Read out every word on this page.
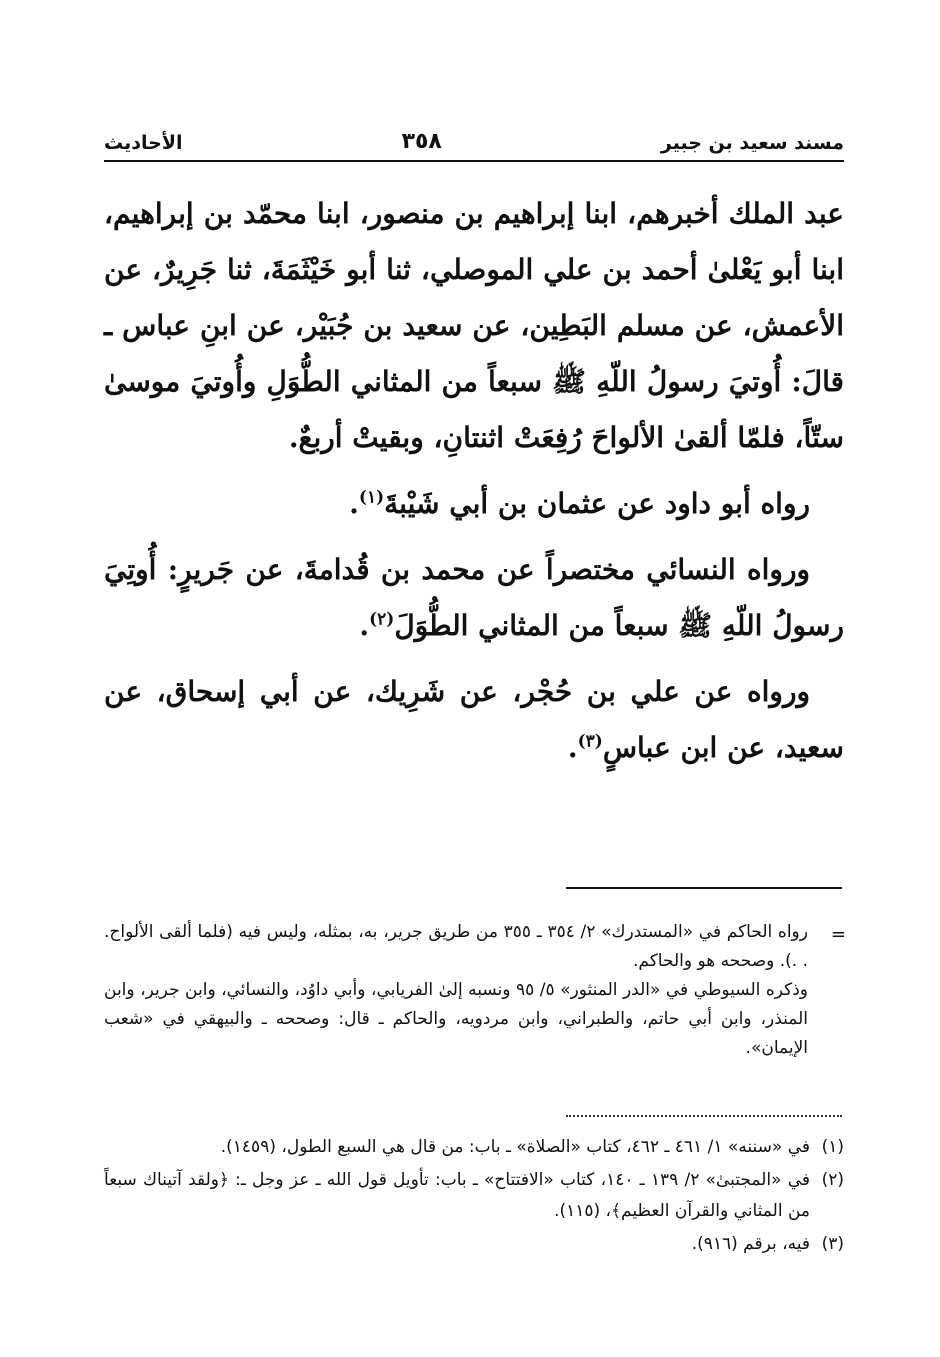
مسند سعيد بن جبير
٣٥٨
الأحاديث

عبد الملك أخبرهم، ابنا إبراهيم بن منصور، ابنا محمّد بن إبراهيم، ابنا أبو يَعْلىٰ أحمد بن علي الموصلي، ثنا أبو خَيْثَمَةَ، ثنا جَرِيرٌ، عن الأعمش، عن مسلم البَطِين، عن سعيد بن جُبَيْر، عن ابنِ عباس ـ قالَ: أُوتيَ رسولُ اللّهِ ﷺ سبعاً من المثاني الطُّوَلِ وأُوتيَ موسىٰ ستّاً، فلمّا ألقىٰ الألواحَ رُفِعَتْ اثنتانِ، وبقيتْ أربعٌ.

رواه أبو داود عن عثمان بن أبي شَيْبةَ$^{(١)}$.

ورواه النسائي مختصراً عن محمد بن قُدامةَ، عن جَريرٍ: أُوتِيَ رسولُ اللّهِ ﷺ سبعاً من المثاني الطُّوَلَ$^{(٢)}$.

ورواه عن علي بن حُجْر، عن شَرِيك، عن أبي إسحاق، عن سعيد، عن ابن عباسٍ$^{(٣)}$.

=
رواه الحاكم في «المستدرك» ٢/ ٣٥٤ ـ ٣٥٥ من طريق جرير، به، بمثله، وليس فيه (فلما ألقى الألواح. . .). وصححه هو والحاكم.
وذكره السيوطي في «الدر المنثور» ٥/ ٩٥ ونسبه إلىٰ الفريابي، وأبي داوُد، والنسائي، وابن جرير، وابن المنذر، وابن أبي حاتم، والطبراني، وابن مردويه، والحاكم ـ قال: وصححه ـ والبيهقي في «شعب الإيمان».
(١)
في «سننه» ١/ ٤٦١ ـ ٤٦٢، كتاب «الصلاة» ـ باب: من قال هي السبع الطول، (١٤٥٩).
(٢)
في «المجتبىٰ» ٢/ ١٣٩ ـ ١٤٠، كتاب «الافتتاح» ـ باب: تأويل قول الله ـ عز وجل ـ: ﴿ولقد آتيناك سبعاً من المثاني والقرآن العظيم﴾، (١١٥).
(٣)
فيه، برقم (٩١٦).
